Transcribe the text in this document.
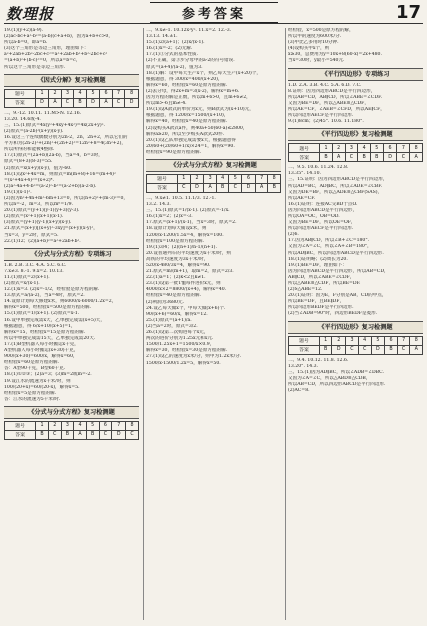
数理报	参考答案	17
19.(1)(y+2)(a-9).
(2)ac-bc+a²-b²=(a-b)(c+a+b)，因为a+b+c>0，
所以a-b=0，即a=b.
(3)这个三角形是等边三角形，理由如下：
a²+2ab+2b²-2bc+c²=a²+2ab+b²+b²-2bc+c²
=(a+b)²+(b-c)²=0，所以a=b=c，
所以这个三角形是等边三角形.
《因式分解》复习检测题
题号	1	2	3	4	5	6	7	8
答案	D	A	C	B	D	A	C	D
二、9.-12. 10.11. 11.M>N. 12.16.
13.20. 14.6或-4.
三、15.(1)原式=4x(y²+4xy+4x²)=4x(2x+y)².
(2)原式=(a-2b)²(x+y)(x-y).
16.设这三个连续偶数分别为2n-2，2n，2n+2，所以它们的
平方和为(2n-2)²+(2n)²+(2n+2)²=12n²+8=4(3n²+2)，
所以所得的和能被4整除.
17.(1)原式=(2a+b)(2a-b)，当a=4，b=3时，
原式=(8+3)(8-3)=55.
(2)原式=x(x+y)(x-y)，值为-60.
18.(1)设x²+4x=m，则原式=m(m+8)+16=(m+4)²
=(x²+4x+4)²=(x+2)⁴.
(2)a²-4a+4-b²=(a-2)²-b²=(a-2+b)(a-2-b).
19.(1)(x-1)².
(2)因为n²+4n+m²-6m+13=0，所以(n+2)²+(m-3)²=0，
所以n=-2，m=3，所以mⁿ=1/9.
20.(1)原式=(y+1)(y-1)(y+3)(y-3).
(2)原式=(x²+1)(x+1)(x-1).
(3)原式=(y+1)(y-1)(x+y)(x-y).
21.原式=(x+y)[(x+y)²-3xy]=(x+y)(x-y)²，
当x=3，y=2时，原式=5.
22.(1)12；(2)(a+b)²=a²+2ab+b².
《分式与分式方程》专项练习
1.B. 2.B. 3.C. 4.A. 5.C. 6.C.
7.x≠3. 8.-1. 9.x=2. 10.13.
11.(1)原式=2/(x+1).
(2)原式=x/(x-1).
12.(1)x=3. (2)x=-1/2，经检验是原方程的解.
13.原式=a/(a-2)，当a=4时，原式=2.
14.设原计划每天修建x米，则6000/x-6000/1.2x=2，
解得x=500，经检验x=500是原方程的解.
15.(1)原式=1/(x+1). (2)原式=x-1.
16.设甲单独完成需x天，乙单独完成需(x+5)天，
根据题意，得 6/x+10/(x+5)=1，
解得x=15，经检验x=15是原方程的解.
所以甲单独完成需15天，乙单独完成需20天.
17.(1)B型机器人每小时搬运x千克，
A型机器人每小时搬运(x+30)千克，
900/(x+30)=600/x，解得x=60，
经检验x=60是原方程的解.
答：A型90千克，B型60千克.
18.(1)①②③；(2)a=3；(3)m=2或m=-2.
19.设江水的流速为x千米/时，则
100/(20+x)=60/(20-x)，解得x=5.
经检验x=5是原方程的解.
答：江水的流速为5千米/时.
《分式与分式方程》复习检测题
题号	1	2	3	4	5	6	7	8
答案	B	C	B	A	B	C	D	C
二、9.x≠-1. 10.12x²y². 11.x=2. 12.-3.
13.13. 14.±1.
15.(1)2/(a+1)；(2)x/(x-1).
16.(1)x=-2；(2)无解.
17.(1)①分式的基本性质.
(2)不正确，第③步分母中的a-2的符号错误.
原式=(a+4)/(a-2)，值为3.
18.(1)解：设甲每天生产x个，则乙每天生产(x+20)个，
根据题意，得 300/x=400/(x+20)，
解得x=60，经检验x=60是原方程的解.
(2)去分母，得2x+m=3(x-2)，解得x=m+6.
因为方程的解是正数，所以m+6>0，且m+6≠2，
所以m>-6且m≠-4.
19.(1)设A款式的单价为x元，则B款式为(x+10)元，
根据题意，得 1200/x=1500/(x+10)，
解得x=40，经检验x=40是原方程的解.
(2)设购买A款式a件，则40a+50(60-a)≤2800，
解得a≥20，所以至少购买A款式20件.
20.(1)设乙队单独完成需要x天，根据题意得
20/60+(20/60+1/x)×24=1，解得x=90.
经检验x=90是原方程的解.
《分式与分式方程》复习检测题
题号	1	2	3	4	5	6	7	8
答案	C	D	A	B	C	D	A	B
二、9.x≠1. 10.5. 11.1/3. 12.-1.
13.2. 14.3.
三、15.(1)原式=1/(x-1). (2)原式=-1/x.
16.(1)x=2；(2)x=-3.
17.原式=(x+1)/(x-1)，当x=3时，原式=2.
18.设原计划每天铺设x米，则
1200/x-1200/1.5x=4，解得x=100.
经检验x=100是原方程的解.
19.(1)3/4；(2)(n+1)/n-1/(n+1).
20.设普通列车的平均速度为x千米/时，则
高铁的平均速度为3x千米/时，
520/x-480/3x=4，解得x=90.
21.原式=m/(m+1)，取m=2，原式=2/3.
22.(1)a=1；(2)k<2且k≠1.
23.(1)设第一批T恤每件进价x元，则
4000/x×2=8800/(x+4)，解得x=40.
经检验x=40是原方程的解.
(2)利润为3680元.
24.设乙每天做x个，甲每天做(x+6)个.
90/(x+6)=60/x，解得x=12.
25.(1)原式=(a+1)/a.
(2)当a=2时，原式=3/2.
26.(1)设第二次购进每个x元，
两次的进价分别为1.25x元和x元.
1500/1.25x+1=1500/x×0.9，
解得x=30，经检验x=30是原方程的解.
27.(1)设乙的速度为x米/分，则甲为1.2x米/分.
1500/x-1500/1.2x=5，解得x=50.
经检验，x=500是原方程的解，
所以甲的速度为600米/分.
(3)甲比乙多用时10分钟.
(4)设购买甲x个，则
x≥30，总费用为y=10x+8(60-x)=2x+480.
当x=30时，y最小=540元.
《平行四边形》专项练习
1.D. 2.A. 3.B. 4.C. 5.A. 6.D. 7.C.
8.证明：因为四边形ABCD是平行四边形，
所以AB=CD，AB∥CD，所以∠ABE=∠CDF.
又因为BE=DF，所以△ABE≌△CDF，
所以AE=CF，∠AEB=∠CFD，所以AE∥CF，
所以四边形AECF是平行四边形.
9.(1)8cm；(2)45°. 10.6. 11.180°.
《平行四边形》复习检测题
题号	1	2	3	4	5	6	7	8
答案	B	A	C	B	B	D	C	A
二、9.5. 10.6. 11.24. 12.8.
13.35°. 14.10.
三、15.证明：因为四边形ABCD是平行四边形，
所以AD=BC，AD∥BC，所以∠ADE=∠CBF.
又因为DE=BF，所以△ADE≌△CBF(SAS)，
所以AE=CF.
16.(1)证明：连接AC交BD于点O.
因为四边形ABCD是平行四边形，
所以OA=OC，OB=OD.
又因为BE=DF，所以OE=OF，
所以四边形AECF是平行四边形.
(2)6.
17.因为AB∥CD，所以∠B+∠C=180°.
又因为∠A=∠C，所以∠A+∠B=180°，
所以AD∥BC，所以四边形ABCD是平行四边形.
18.(1)证明略；(2)周长为20.
19.(1)BE=DF，理由如下：
因为四边形ABCD是平行四边形，所以AB=CD，
AB∥CD，所以∠ABE=∠CDF，
所以△ABE≌△CDF，所以BE=DF.
(2)S△ABE=12.
20.(1)证明：因为E，F分别是AB，CD的中点，
所以BE=DF，且BE∥DF，
所以四边形BEDF是平行四边形.
(2)当∠ADB=90°时，四边形BEDF是菱形.
《平行四边形》复习检测题
题号	1	2	3	4	5	6	7	8
答案	B	D	C	C	D	B	C	A
二、9.4. 10.12. 11.8. 12.6.
13.20°. 14.3.
三、15.(1)因为AD∥BC，所以∠ADB=∠DBC.
又因为∠A=∠C，所以△ABD≌△CDB，
所以AB=CD，所以四边形ABCD是平行四边形.
(2)AC=8.
